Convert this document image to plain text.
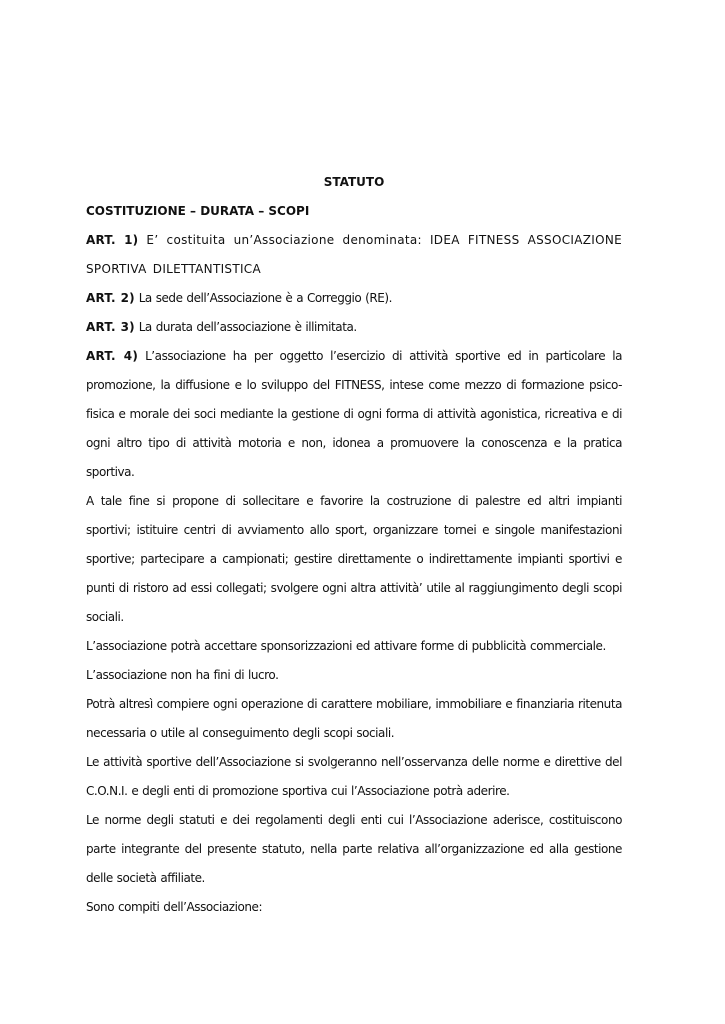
STATUTO
COSTITUZIONE – DURATA – SCOPI

ART. 1) E’ costituita un’Associazione denominata: IDEA FITNESS ASSOCIAZIONE SPORTIVA DILETTANTISTICA

ART. 2) La sede dell’Associazione è a Correggio (RE).

ART. 3) La durata dell’associazione è illimitata.

ART. 4) L’associazione ha per oggetto l’esercizio di attività sportive ed in particolare la promozione, la diffusione e lo sviluppo del FITNESS, intese come mezzo di formazione psico-fisica e morale dei soci mediante la gestione di ogni forma di attività agonistica, ricreativa e di ogni altro tipo di attività motoria e non, idonea a promuovere la conoscenza e la pratica sportiva.

A tale fine si propone di sollecitare e favorire la costruzione di palestre ed altri impianti sportivi; istituire centri di avviamento allo sport, organizzare tornei e singole manifestazioni sportive; partecipare a campionati; gestire direttamente o indirettamente impianti sportivi e punti di ristoro ad essi collegati; svolgere ogni altra attività’ utile al raggiungimento degli scopi sociali.

L’associazione potrà accettare sponsorizzazioni ed attivare forme di pubblicità commerciale.

L’associazione non ha fini di lucro.

Potrà altresì compiere ogni operazione di carattere mobiliare, immobiliare e finanziaria ritenuta necessaria o utile al conseguimento degli scopi sociali.

Le attività sportive dell’Associazione si svolgeranno nell’osservanza delle norme e direttive del C.O.N.I. e degli enti di promozione sportiva cui l’Associazione potrà aderire.

Le norme degli statuti e dei regolamenti degli enti cui l’Associazione aderisce, costituiscono parte integrante del presente statuto, nella parte relativa all’organizzazione ed alla gestione delle società affiliate.

Sono compiti dell’Associazione:
